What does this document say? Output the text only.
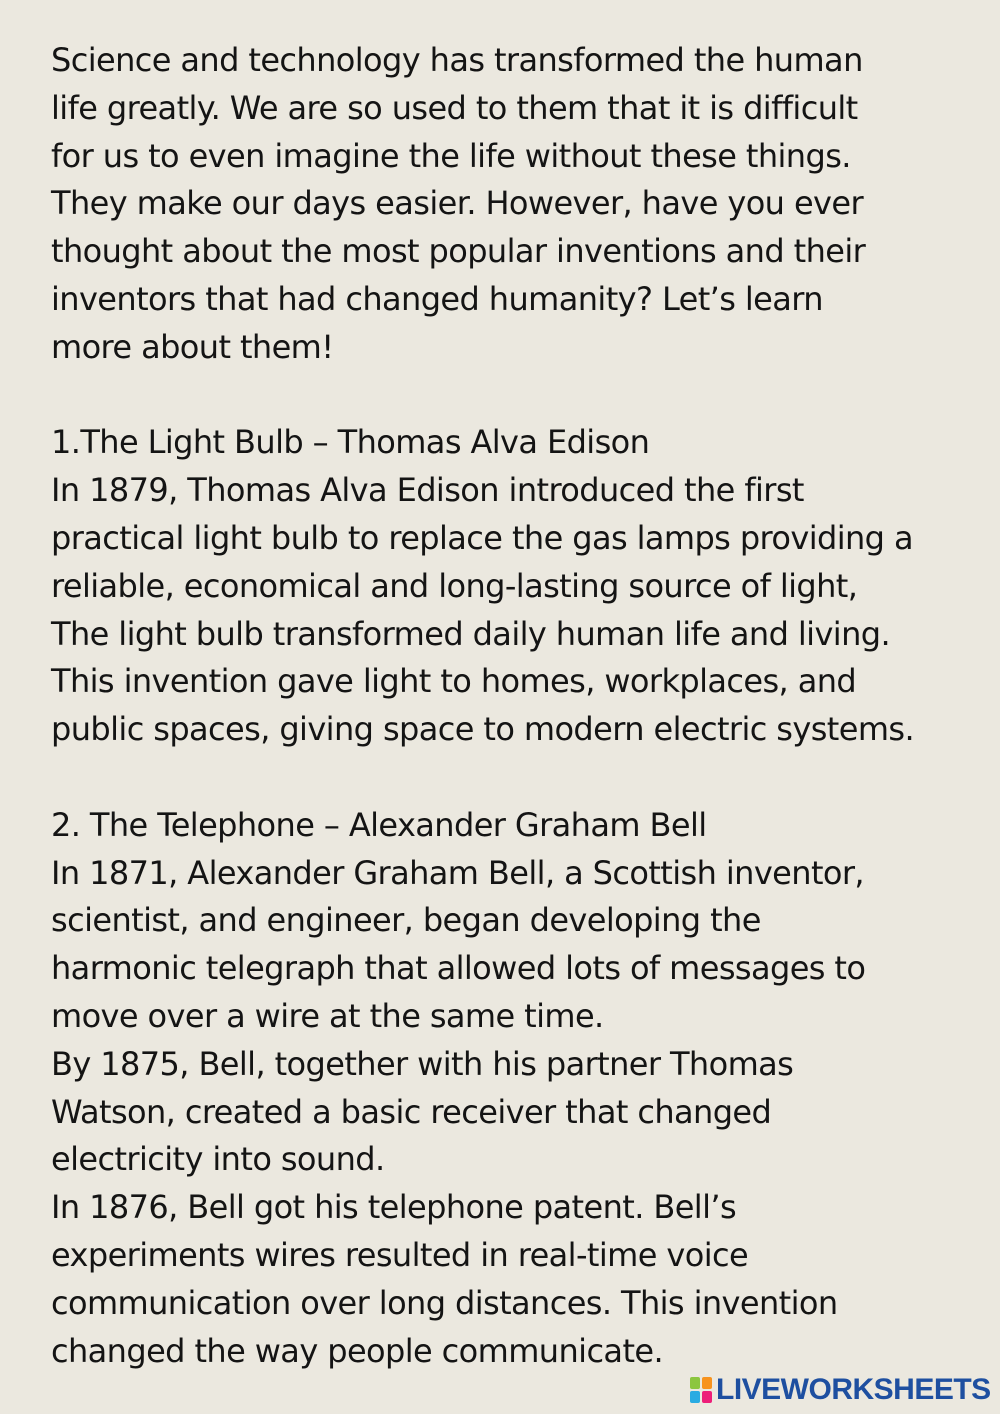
Science and technology has transformed the human
life greatly. We are so used to them that it is difficult
for us to even imagine the life without these things.
They make our days easier. However, have you ever
thought about the most popular inventions and their
inventors that had changed humanity? Let’s learn
more about them!

1.The Light Bulb – Thomas Alva Edison
In 1879, Thomas Alva Edison introduced the first
practical light bulb to replace the gas lamps providing a
reliable, economical and long-lasting source of light,
The light bulb transformed daily human life and living.
This invention gave light to homes, workplaces, and
public spaces, giving space to modern electric systems.

2. The Telephone – Alexander Graham Bell
In 1871, Alexander Graham Bell, a Scottish inventor,
scientist, and engineer, began developing the
harmonic telegraph that allowed lots of messages to
move over a wire at the same time.
By 1875, Bell, together with his partner Thomas
Watson, created a basic receiver that changed
electricity into sound.
In 1876, Bell got his telephone patent. Bell’s
experiments wires resulted in real-time voice
communication over long distances. This invention
changed the way people communicate.

LIVEWORKSHEETS
